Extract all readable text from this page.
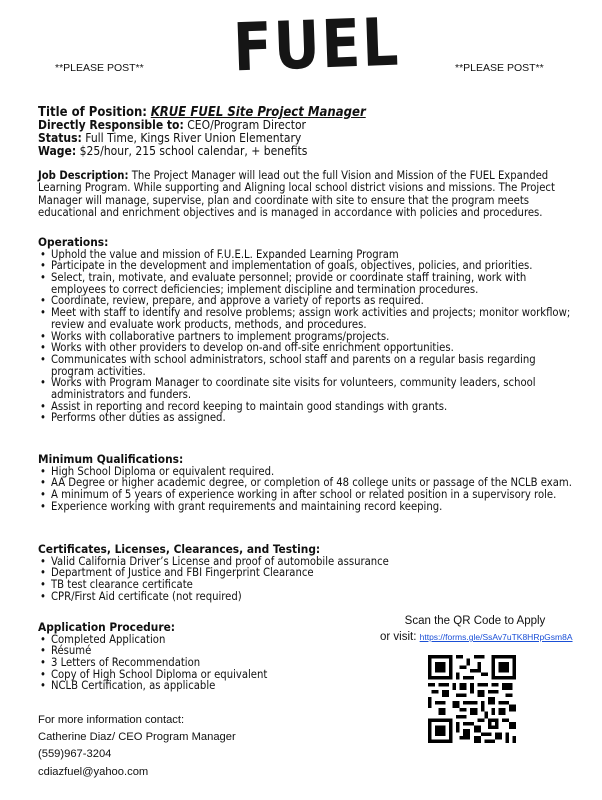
FUEL
**PLEASE POST**	**PLEASE POST**
Title of Position: KRUE FUEL Site Project Manager
Directly Responsible to: CEO/Program Director
Status: Full Time, Kings River Union Elementary
Wage: $25/hour, 215 school calendar, + benefits
Job Description: The Project Manager will lead out the full Vision and Mission of the FUEL Expanded Learning Program. While supporting and Aligning local school district visions and missions. The Project Manager will manage, supervise, plan and coordinate with site to ensure that the program meets educational and enrichment objectives and is managed in accordance with policies and procedures.
Operations:
• Uphold the value and mission of F.U.E.L. Expanded Learning Program
• Participate in the development and implementation of goals, objectives, policies, and priorities.
• Select, train, motivate, and evaluate personnel; provide or coordinate staff training, work with employees to correct deficiencies; implement discipline and termination procedures.
• Coordinate, review, prepare, and approve a variety of reports as required.
• Meet with staff to identify and resolve problems; assign work activities and projects; monitor workflow; review and evaluate work products, methods, and procedures.
• Works with collaborative partners to implement programs/projects.
• Works with other providers to develop on-and off-site enrichment opportunities.
• Communicates with school administrators, school staff and parents on a regular basis regarding program activities.
• Works with Program Manager to coordinate site visits for volunteers, community leaders, school administrators and funders.
• Assist in reporting and record keeping to maintain good standings with grants.
• Performs other duties as assigned.
Minimum Qualifications:
• High School Diploma or equivalent required.
• AA Degree or higher academic degree, or completion of 48 college units or passage of the NCLB exam.
• A minimum of 5 years of experience working in after school or related position in a supervisory role.
• Experience working with grant requirements and maintaining record keeping.
Certificates, Licenses, Clearances, and Testing:
• Valid California Driver’s License and proof of automobile assurance
• Department of Justice and FBI Fingerprint Clearance
• TB test clearance certificate
• CPR/First Aid certificate (not required)
Application Procedure:
• Completed Application
• Résumé
• 3 Letters of Recommendation
• Copy of High School Diploma or equivalent
• NCLB Certification, as applicable
For more information contact:
Catherine Diaz/ CEO Program Manager
(559)967-3204
cdiazfuel@yahoo.com
Scan the QR Code to Apply
or visit: https://forms.gle/SsAv7uTK8HRpGsm8A
